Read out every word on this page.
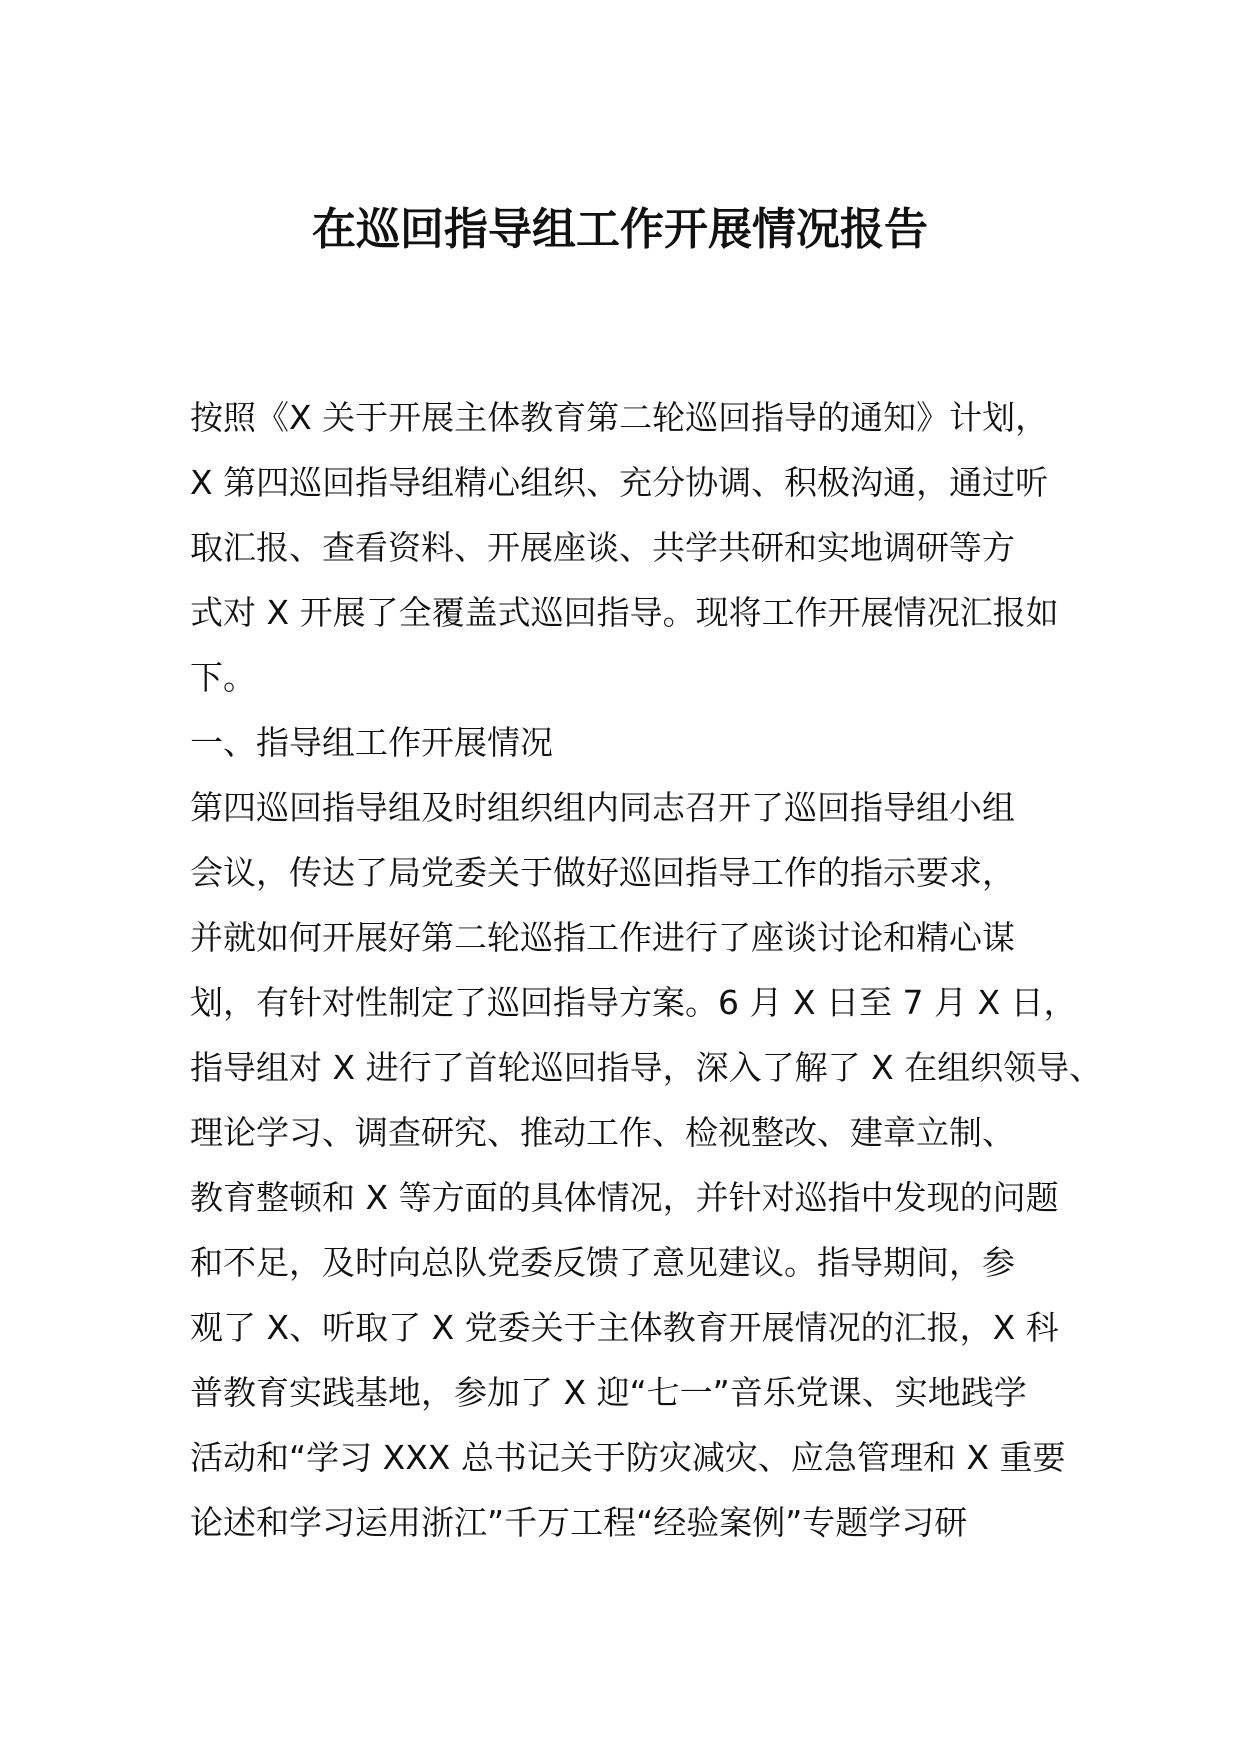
在巡回指导组工作开展情况报告
按照《X 关于开展主体教育第二轮巡回指导的通知》计划，
X 第四巡回指导组精心组织、充分协调、积极沟通，通过听
取汇报、查看资料、开展座谈、共学共研和实地调研等方
式对 X 开展了全覆盖式巡回指导。现将工作开展情况汇报如
下。
一、指导组工作开展情况
第四巡回指导组及时组织组内同志召开了巡回指导组小组
会议，传达了局党委关于做好巡回指导工作的指示要求，
并就如何开展好第二轮巡指工作进行了座谈讨论和精心谋
划，有针对性制定了巡回指导方案。6 月 X 日至 7 月 X 日，
指导组对 X 进行了首轮巡回指导，深入了解了 X 在组织领导、
理论学习、调查研究、推动工作、检视整改、建章立制、
教育整顿和 X 等方面的具体情况，并针对巡指中发现的问题
和不足，及时向总队党委反馈了意见建议。指导期间，参
观了 X、听取了 X 党委关于主体教育开展情况的汇报，X 科
普教育实践基地，参加了 X 迎“七一”音乐党课、实地践学
活动和“学习 XXX 总书记关于防灾减灾、应急管理和 X 重要
论述和学习运用浙江”千万工程“经验案例”专题学习研
